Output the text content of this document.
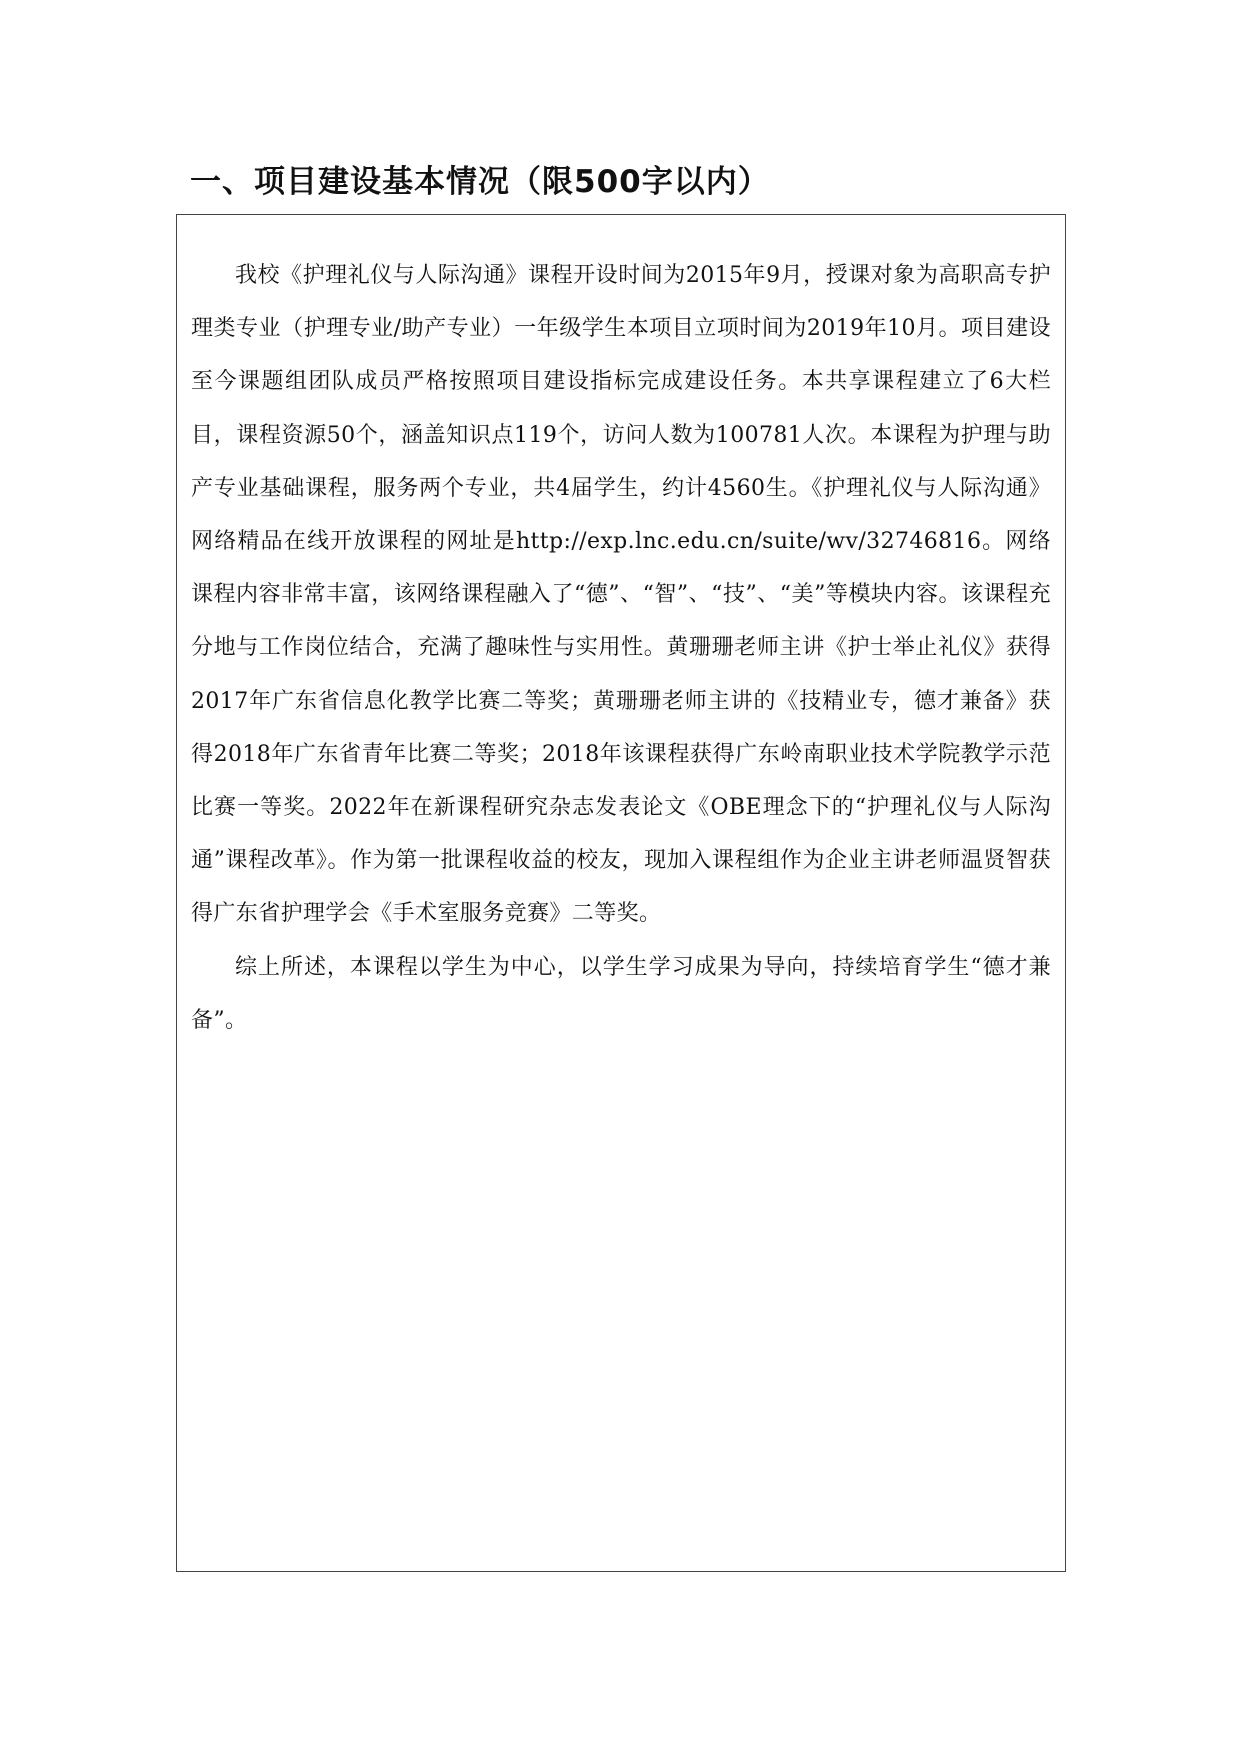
一、项目建设基本情况（限500字以内）

我校《护理礼仪与人际沟通》课程开设时间为2015年9月，授课对象为高职高专护理类专业（护理专业/助产专业）一年级学生本项目立项时间为2019年10月。项目建设至今课题组团队成员严格按照项目建设指标完成建设任务。本共享课程建立了6大栏目，课程资源50个，涵盖知识点119个，访问人数为100781人次。本课程为护理与助产专业基础课程，服务两个专业，共4届学生，约计4560生。《护理礼仪与人际沟通》网络精品在线开放课程的网址是http://exp.lnc.edu.cn/suite/wv/32746816。网络课程内容非常丰富，该网络课程融入了“德”、“智”、“技”、“美”等模块内容。该课程充分地与工作岗位结合，充满了趣味性与实用性。黄珊珊老师主讲《护士举止礼仪》获得2017年广东省信息化教学比赛二等奖；黄珊珊老师主讲的《技精业专，德才兼备》获得2018年广东省青年比赛二等奖；2018年该课程获得广东岭南职业技术学院教学示范比赛一等奖。2022年在新课程研究杂志发表论文《OBE理念下的“护理礼仪与人际沟通”课程改革》。作为第一批课程收益的校友，现加入课程组作为企业主讲老师温贤智获得广东省护理学会《手术室服务竞赛》二等奖。

综上所述，本课程以学生为中心，以学生学习成果为导向，持续培育学生“德才兼备”。
